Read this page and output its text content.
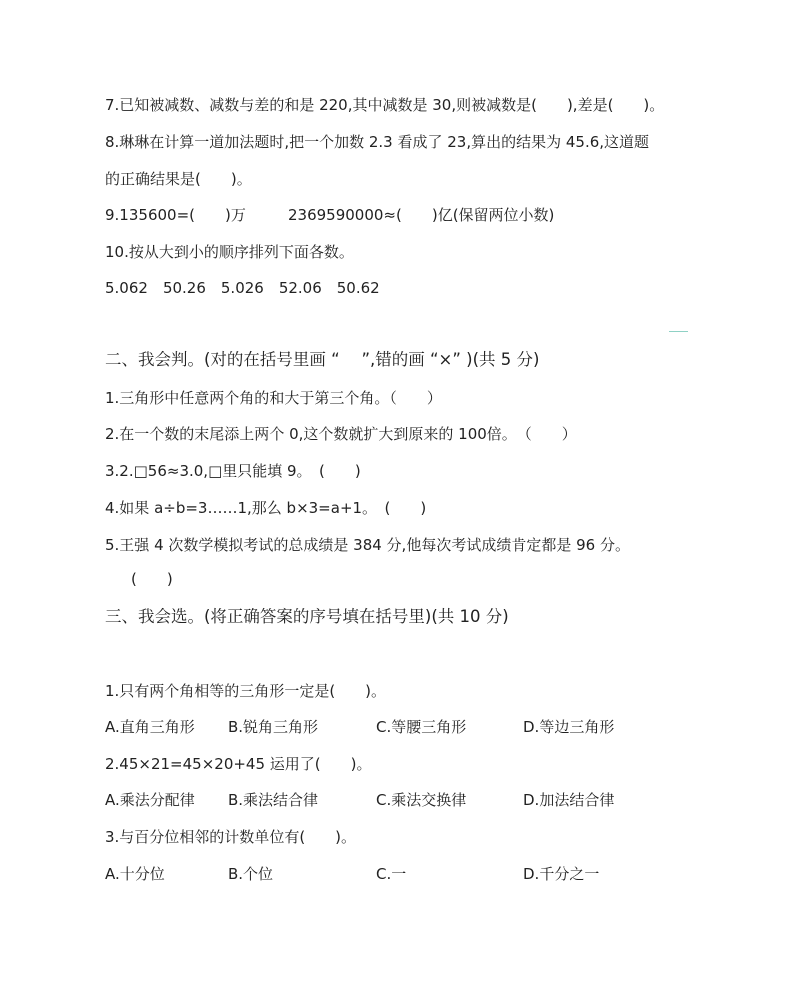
7.已知被减数、减数与差的和是 220,其中减数是 30,则被减数是(　　),差是(　　)。
8.琳琳在计算一道加法题时,把一个加数 2.3 看成了 23,算出的结果为 45.6,这道题
的正确结果是(　　)。
9.135600=(　　)万	2369590000≈(　　)亿(保留两位小数)
10.按从大到小的顺序排列下面各数。
5.062　50.26　5.026　52.06　50.62
二、我会判。(对的在括号里画 “　 ”,错的画 “×” )(共 5 分)
1.三角形中任意两个角的和大于第三个角。（　　）
2.在一个数的末尾添上两个 0,这个数就扩大到原来的 100倍。　（　　）
3.2.□56≈3.0,□里只能填 9。　(　　)
4.如果 a÷b=3……1,那么 b×3=a+1。　(　　)
5.王强 4 次数学模拟考试的总成绩是 384 分,他每次考试成绩肯定都是 96 分。
(　　)
三、我会选。(将正确答案的序号填在括号里)(共 10 分)
1.只有两个角相等的三角形一定是(　　)。
A.直角三角形 B.锐角三角形	C.等腰三角形	D.等边三角形
2.45×21=45×20+45 运用了(　　)。
A.乘法分配律 B.乘法结合律	C.乘法交换律	D.加法结合律
3.与百分位相邻的计数单位有(　　)。
A.十分位	B.个位	C.一	D.千分之一
